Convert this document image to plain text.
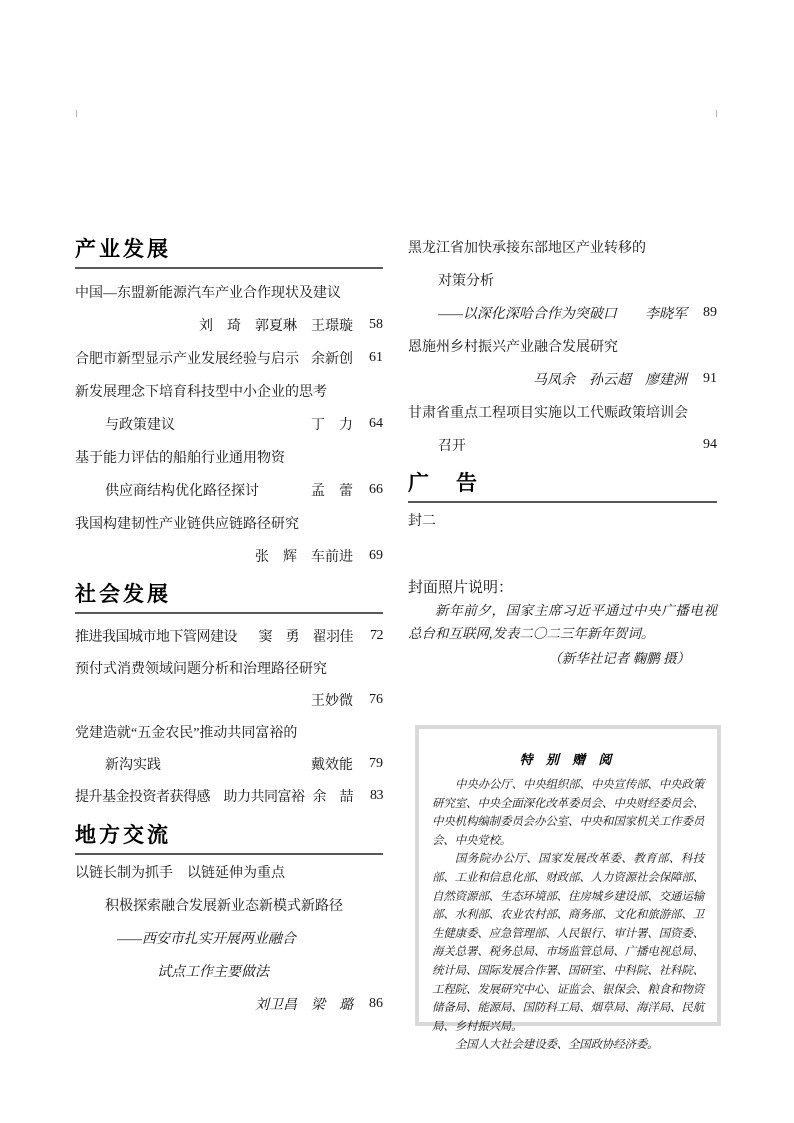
产业发展
中国—东盟新能源汽车产业合作现状及建议
刘　琦　郭夏琳　王璟璇	58
合肥市新型显示产业发展经验与启示 余新创	61
新发展理念下培育科技型中小企业的思考
与政策建议	丁　力	64
基于能力评估的船舶行业通用物资
供应商结构优化路径探讨	孟　蕾	66
我国构建韧性产业链供应链路径研究
张　辉　车前进	69
社会发展
推进我国城市地下管网建设	窦　勇　翟羽佳	72
预付式消费领域问题分析和治理路径研究
王妙微	76
党建造就“五金农民”推动共同富裕的
新沟实践	戴效能	79
提升基金投资者获得感　助力共同富裕 余　喆	83
地方交流
以链长制为抓手　以链延伸为重点
积极探索融合发展新业态新模式新路径
——西安市扎实开展两业融合
试点工作主要做法
刘卫昌　梁　璐	86
黑龙江省加快承接东部地区产业转移的
对策分析
——以深化深哈合作为突破口	李晓军	89
恩施州乡村振兴产业融合发展研究
马凤余　孙云超　廖建洲	91
甘肃省重点工程项目实施以工代赈政策培训会
召开	94
广　告
封二

封面照片说明：

新年前夕，国家主席习近平通过中央广播电视总台和互联网,发表二〇二三年新年贺词。

（新华社记者 鞠鹏 摄）

特 别 赠 阅

中央办公厅、中央组织部、中央宣传部、中央政策研究室、中央全面深化改革委员会、中央财经委员会、中央机构编制委员会办公室、中央和国家机关工作委员会、中央党校。

国务院办公厅、国家发展改革委、教育部、科技部、工业和信息化部、财政部、人力资源社会保障部、自然资源部、生态环境部、住房城乡建设部、交通运输部、水利部、农业农村部、商务部、文化和旅游部、卫生健康委、应急管理部、人民银行、审计署、国资委、海关总署、税务总局、市场监管总局、广播电视总局、统计局、国际发展合作署、国研室、中科院、社科院、工程院、发展研究中心、证监会、银保会、粮食和物资储备局、能源局、国防科工局、烟草局、海洋局、民航局、乡村振兴局。

全国人大社会建设委、全国政协经济委。
